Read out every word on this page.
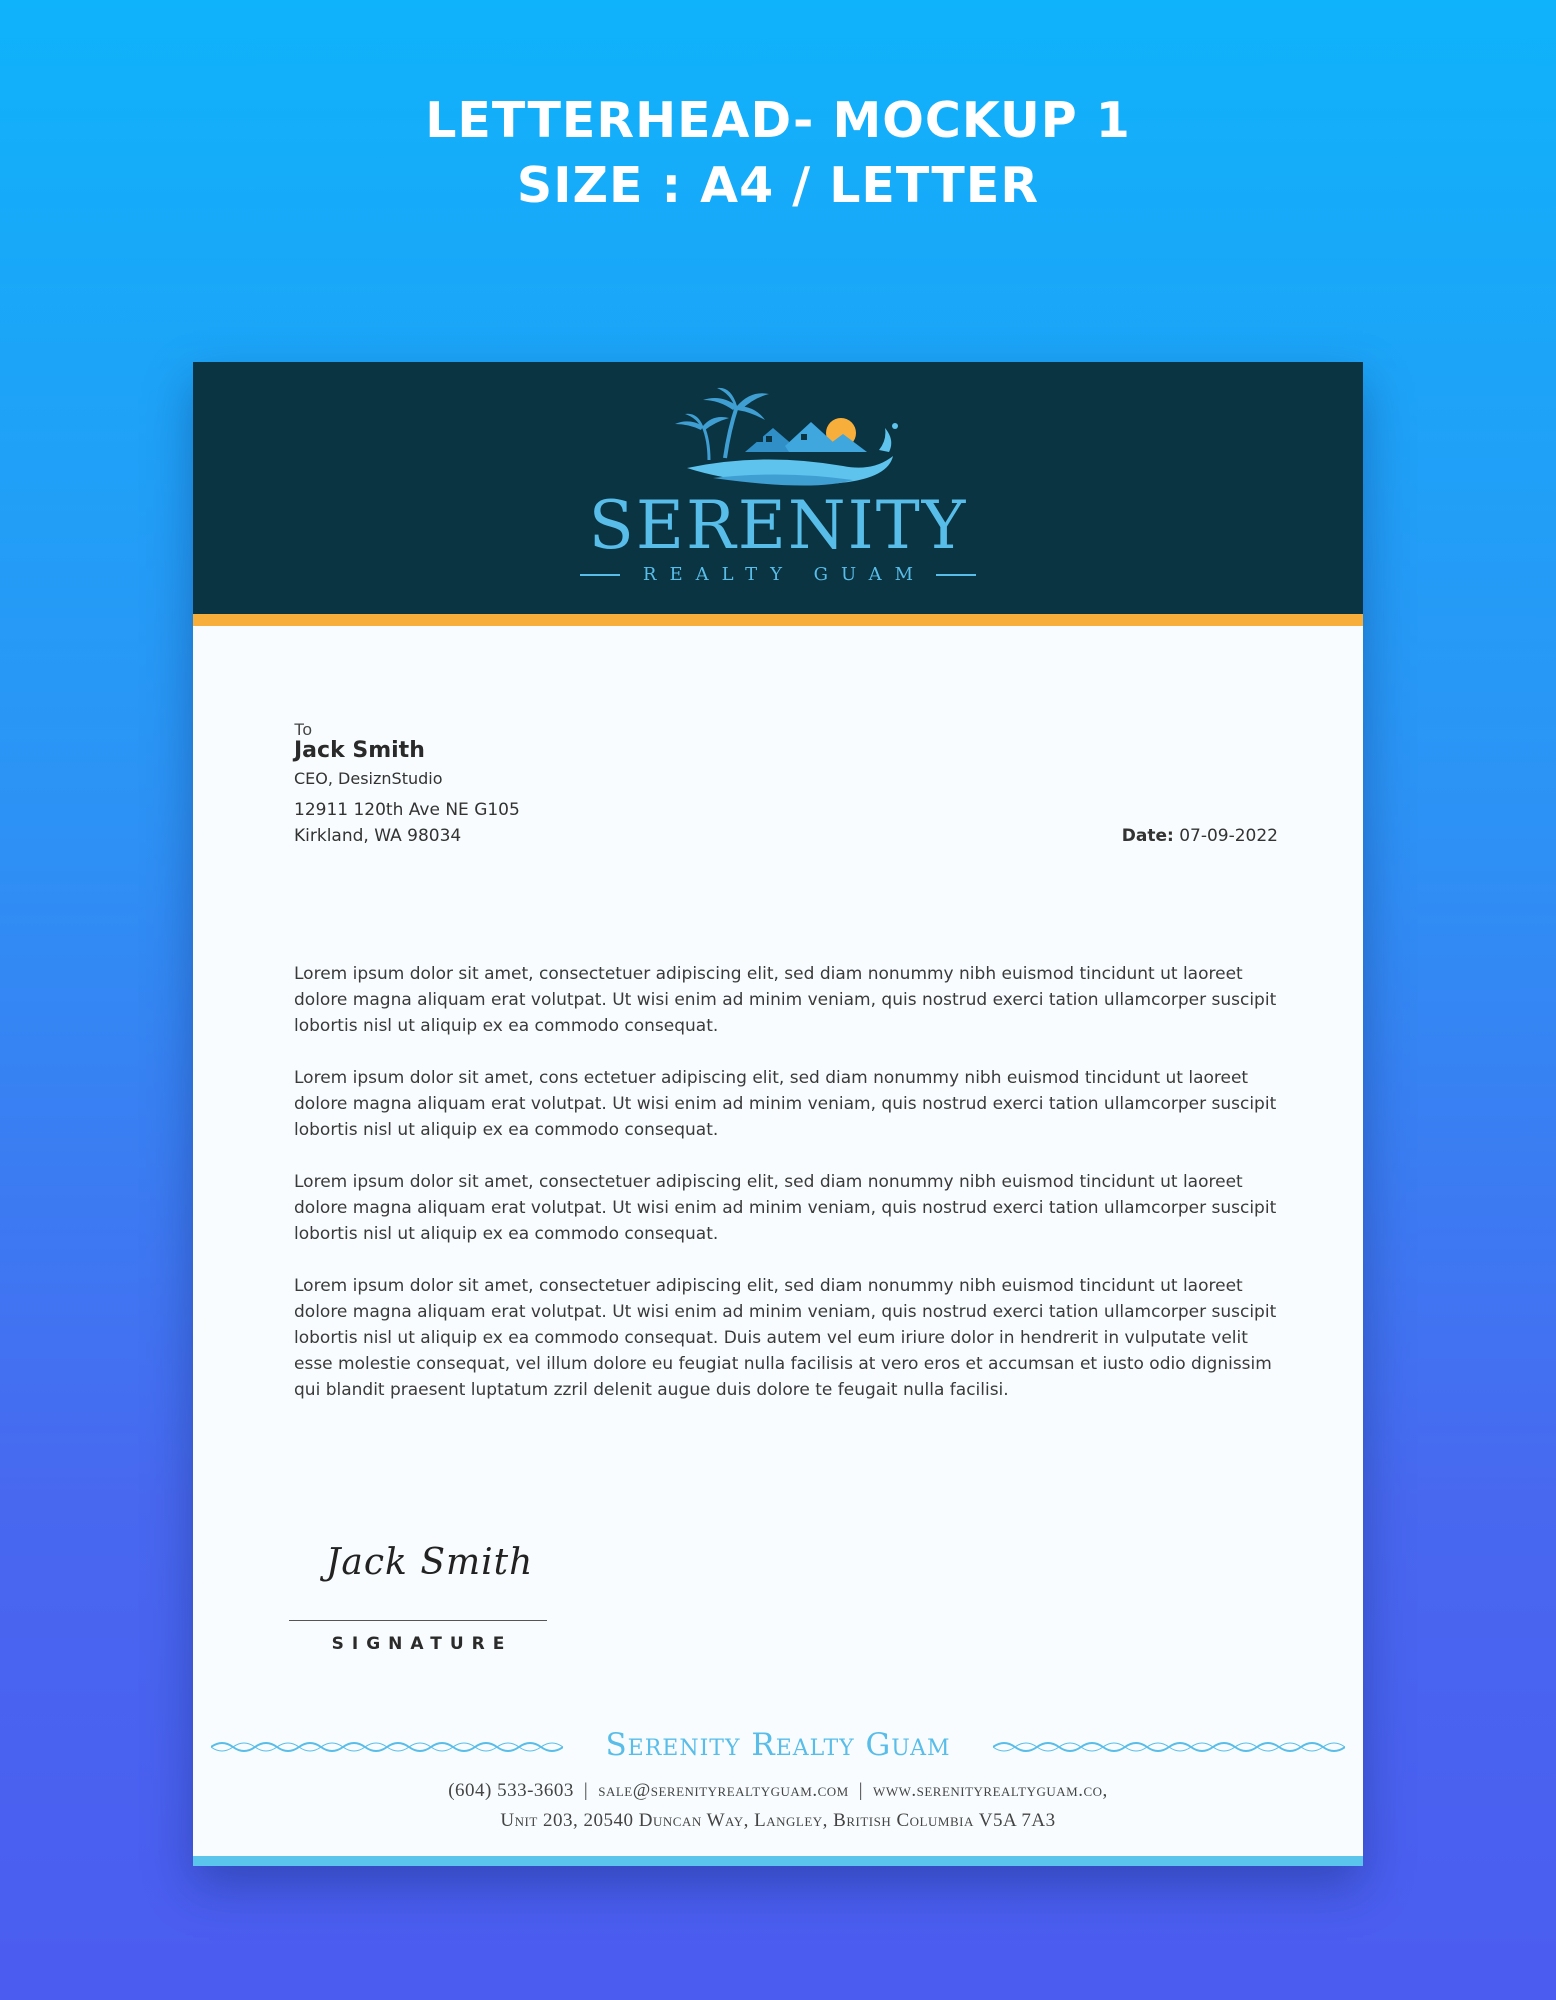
LETTERHEAD- MOCKUP 1
SIZE : A4 / LETTER
SERENITY
REALTY GUAM
To
Jack Smith
CEO, DesiznStudio
12911 120th Ave NE G105
Kirkland, WA 98034	Date: 07-09-2022

Lorem ipsum dolor sit amet, consectetuer adipiscing elit, sed diam nonummy nibh euismod tincidunt ut laoreet dolore magna aliquam erat volutpat. Ut wisi enim ad minim veniam, quis nostrud exerci tation ullamcorper suscipit lobortis nisl ut aliquip ex ea commodo consequat.

Lorem ipsum dolor sit amet, cons ectetuer adipiscing elit, sed diam nonummy nibh euismod tincidunt ut laoreet dolore magna aliquam erat volutpat. Ut wisi enim ad minim veniam, quis nostrud exerci tation ullamcorper suscipit lobortis nisl ut aliquip ex ea commodo consequat.

Lorem ipsum dolor sit amet, consectetuer adipiscing elit, sed diam nonummy nibh euismod tincidunt ut laoreet dolore magna aliquam erat volutpat. Ut wisi enim ad minim veniam, quis nostrud exerci tation ullamcorper suscipit lobortis nisl ut aliquip ex ea commodo consequat.

Lorem ipsum dolor sit amet, consectetuer adipiscing elit, sed diam nonummy nibh euismod tincidunt ut laoreet dolore magna aliquam erat volutpat. Ut wisi enim ad minim veniam, quis nostrud exerci tation ullamcorper suscipit lobortis nisl ut aliquip ex ea commodo consequat. Duis autem vel eum iriure dolor in hendrerit in vulputate velit esse molestie consequat, vel illum dolore eu feugiat nulla facilisis at vero eros et accumsan et iusto odio dignissim qui blandit praesent luptatum zzril delenit augue duis dolore te feugait nulla facilisi.

Jack Smith
SIGNATURE
Serenity Realty Guam
(604) 533-3603 | sale@serenityrealtyguam.com | www.serenityrealtyguam.co,
Unit 203, 20540 Duncan Way, Langley, British Columbia V5A 7A3
